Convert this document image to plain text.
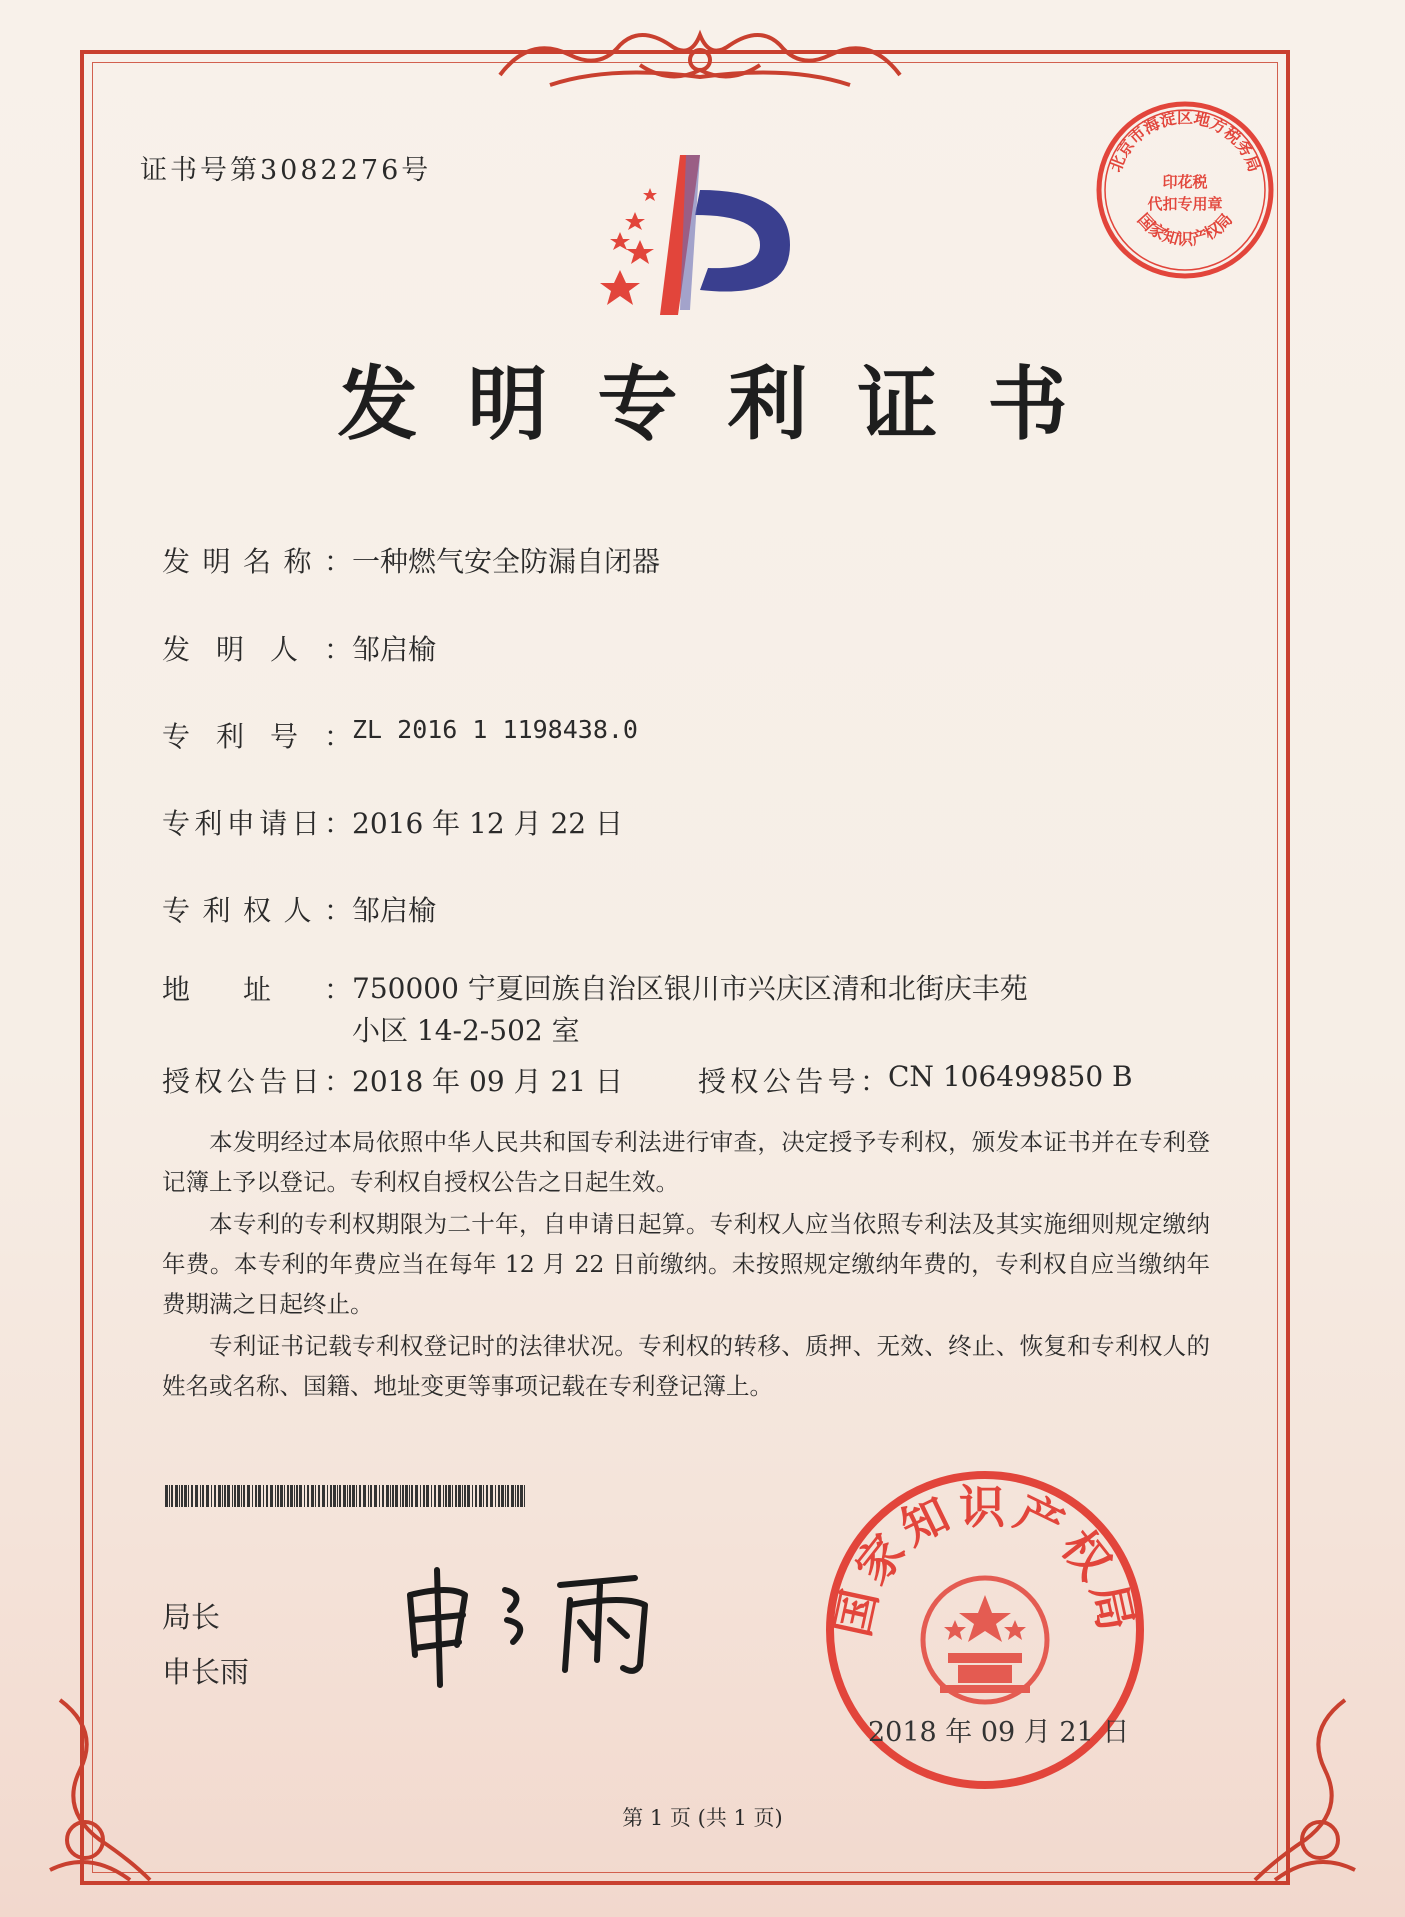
证书号第3082276号	北京市海淀区地方税务局
印花税
代扣专用章
国家知识产权局
发明专利证书
发明名称：一种燃气安全防漏自闭器
发明人：邹启榆
专利号：ZL 2016 1 1198438.0
专利申请日：2016 年 12 月 22 日
专利权人：邹启榆
地址：750000 宁夏回族自治区银川市兴庆区清和北街庆丰苑小区 14-2-502 室
授权公告日：2018 年 09 月 21 日	授权公告号：CN 106499850 B

本发明经过本局依照中华人民共和国专利法进行审查，决定授予专利权，颁发本证书并在专利登记簿上予以登记。专利权自授权公告之日起生效。

本专利的专利权期限为二十年，自申请日起算。专利权人应当依照专利法及其实施细则规定缴纳年费。本专利的年费应当在每年 12 月 22 日前缴纳。未按照规定缴纳年费的，专利权自应当缴纳年费期满之日起终止。

专利证书记载专利权登记时的法律状况。专利权的转移、质押、无效、终止、恢复和专利权人的姓名或名称、国籍、地址变更等事项记载在专利登记簿上。

局长
申长雨
国家知识产权局
2018 年 09 月 21 日
第 1 页 (共 1 页)
